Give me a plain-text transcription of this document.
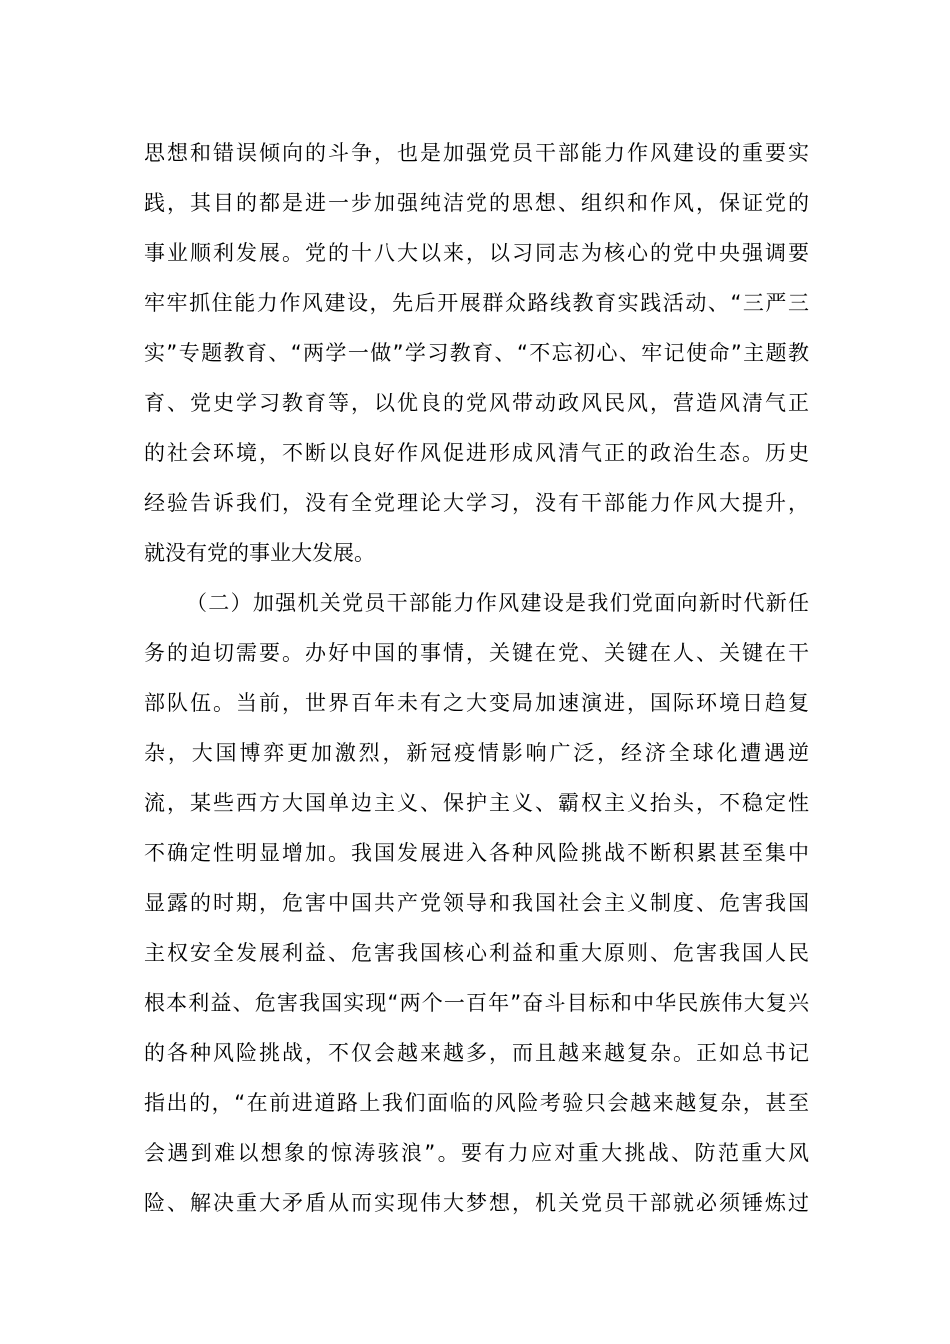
思想和错误倾向的斗争，也是加强党员干部能力作风建设的重要实
践，其目的都是进一步加强纯洁党的思想、组织和作风，保证党的
事业顺利发展。党的十八大以来，以习同志为核心的党中央强调要
牢牢抓住能力作风建设，先后开展群众路线教育实践活动、“三严三
实”专题教育、“两学一做”学习教育、“不忘初心、牢记使命”主题教
育、党史学习教育等，以优良的党风带动政风民风，营造风清气正
的社会环境，不断以良好作风促进形成风清气正的政治生态。历史
经验告诉我们，没有全党理论大学习，没有干部能力作风大提升，
就没有党的事业大发展。
（二）加强机关党员干部能力作风建设是我们党面向新时代新任
务的迫切需要。办好中国的事情，关键在党、关键在人、关键在干
部队伍。当前，世界百年未有之大变局加速演进，国际环境日趋复
杂，大国博弈更加激烈，新冠疫情影响广泛，经济全球化遭遇逆
流，某些西方大国单边主义、保护主义、霸权主义抬头，不稳定性
不确定性明显增加。我国发展进入各种风险挑战不断积累甚至集中
显露的时期，危害中国共产党领导和我国社会主义制度、危害我国
主权安全发展利益、危害我国核心利益和重大原则、危害我国人民
根本利益、危害我国实现“两个一百年”奋斗目标和中华民族伟大复兴
的各种风险挑战，不仅会越来越多，而且越来越复杂。正如总书记
指出的，“在前进道路上我们面临的风险考验只会越来越复杂，甚至
会遇到难以想象的惊涛骇浪”。要有力应对重大挑战、防范重大风
险、解决重大矛盾从而实现伟大梦想，机关党员干部就必须锤炼过
